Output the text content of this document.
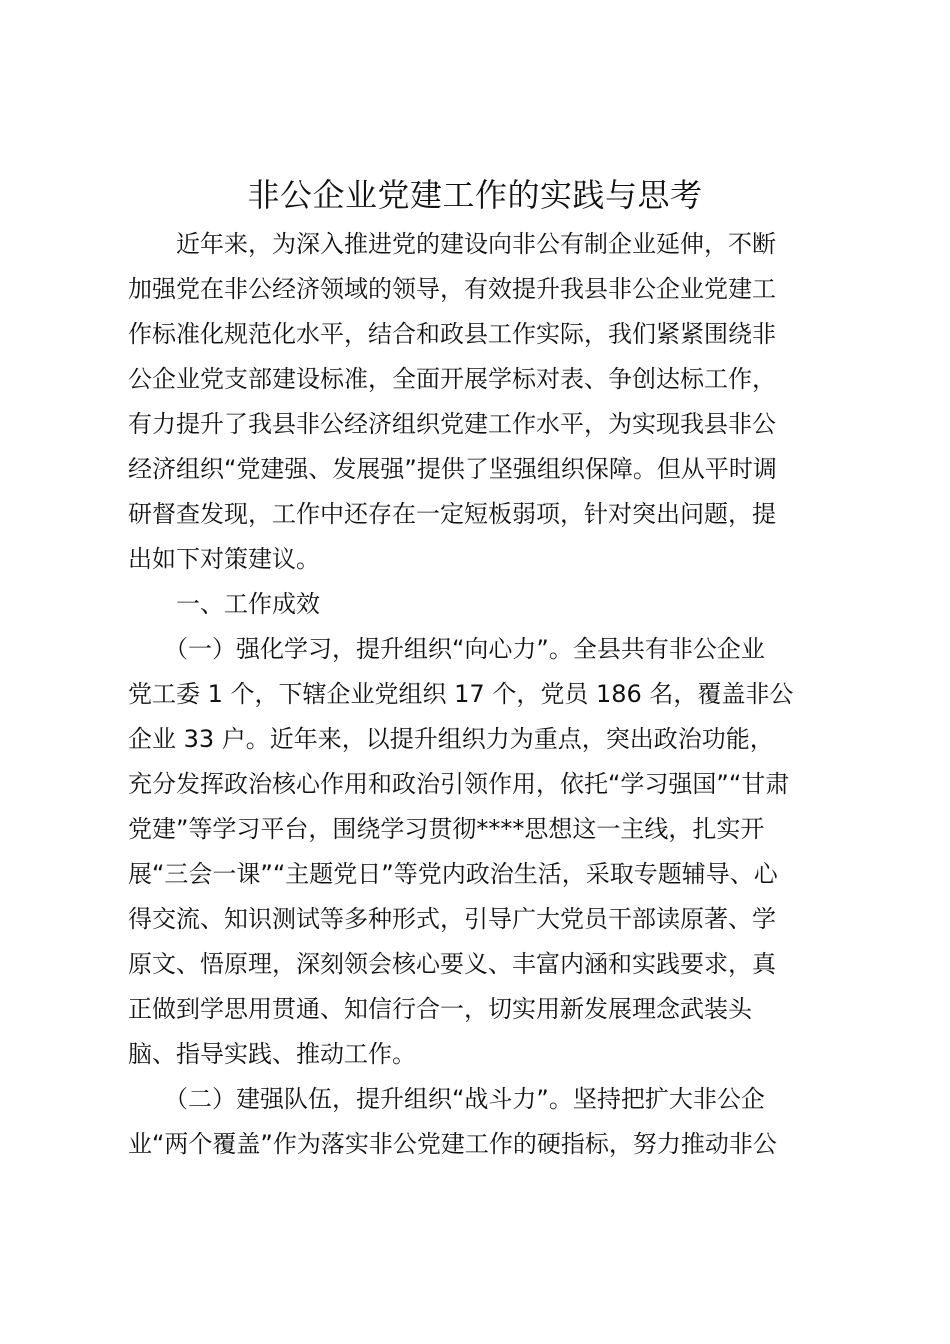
非公企业党建工作的实践与思考
　　近年来，为深入推进党的建设向非公有制企业延伸，不断
加强党在非公经济领域的领导，有效提升我县非公企业党建工
作标准化规范化水平，结合和政县工作实际，我们紧紧围绕非
公企业党支部建设标准，全面开展学标对表、争创达标工作，
有力提升了我县非公经济组织党建工作水平，为实现我县非公
经济组织“党建强、发展强”提供了坚强组织保障。但从平时调
研督查发现，工作中还存在一定短板弱项，针对突出问题，提
出如下对策建议。
　　一、工作成效
　　（一）强化学习，提升组织“向心力”。全县共有非公企业
党工委 1 个，下辖企业党组织 17 个，党员 186 名，覆盖非公
企业 33 户。近年来，以提升组织力为重点，突出政治功能，
充分发挥政治核心作用和政治引领作用，依托“学习强国”“甘肃
党建”等学习平台，围绕学习贯彻****思想这一主线，扎实开
展“三会一课”“主题党日”等党内政治生活，采取专题辅导、心
得交流、知识测试等多种形式，引导广大党员干部读原著、学
原文、悟原理，深刻领会核心要义、丰富内涵和实践要求，真
正做到学思用贯通、知信行合一，切实用新发展理念武装头
脑、指导实践、推动工作。
　　（二）建强队伍，提升组织“战斗力”。坚持把扩大非公企
业“两个覆盖”作为落实非公党建工作的硬指标，努力推动非公
